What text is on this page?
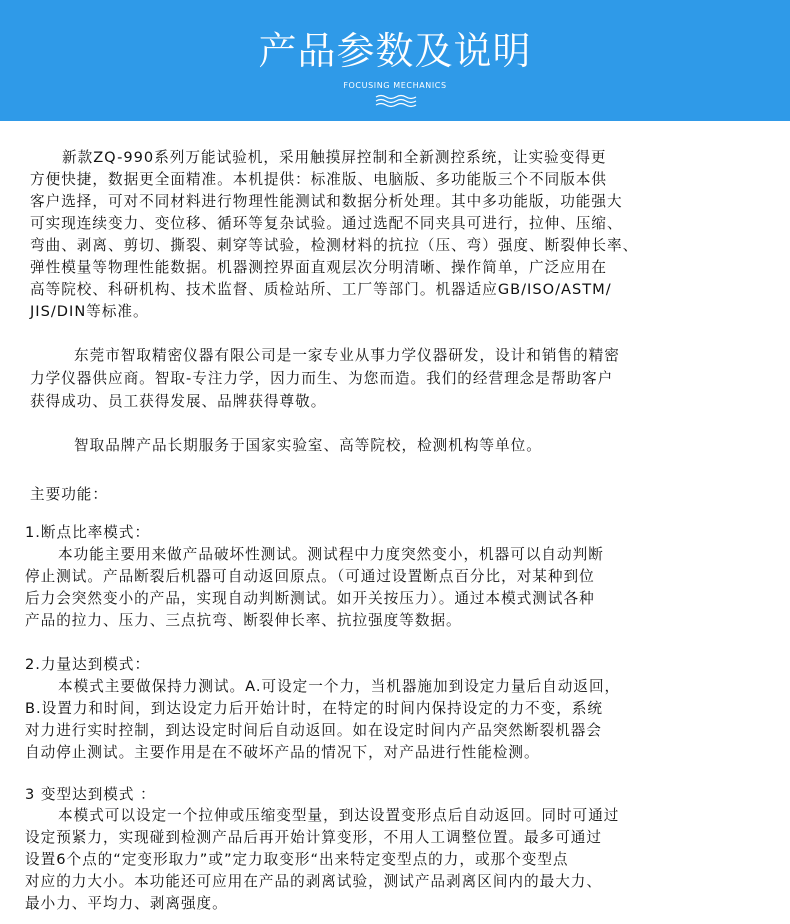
产品参数及说明
FOCUSING MECHANICS

新款ZQ-990系列万能试验机，采用触摸屏控制和全新测控系统，让实验变得更

方便快捷，数据更全面精准。本机提供：标准版、电脑版、多功能版三个不同版本供

客户选择，可对不同材料进行物理性能测试和数据分析处理。其中多功能版，功能强大

可实现连续变力、变位移、循环等复杂试验。通过选配不同夹具可进行，拉伸、压缩、

弯曲、剥离、剪切、撕裂、刺穿等试验，检测材料的抗拉（压、弯）强度、断裂伸长率、

弹性模量等物理性能数据。机器测控界面直观层次分明清晰、操作简单，广泛应用在

高等院校、科研机构、技术监督、质检站所、工厂等部门。机器适应GB/ISO/ASTM/

JIS/DIN等标准。

东莞市智取精密仪器有限公司是一家专业从事力学仪器研发，设计和销售的精密

力学仪器供应商。智取-专注力学，因力而生、为您而造。我们的经营理念是帮助客户

获得成功、员工获得发展、品牌获得尊敬。

智取品牌产品长期服务于国家实验室、高等院校，检测机构等单位。

主要功能：

1.断点比率模式：

本功能主要用来做产品破坏性测试。测试程中力度突然变小，机器可以自动判断

停止测试。产品断裂后机器可自动返回原点。（可通过设置断点百分比，对某种到位

后力会突然变小的产品，实现自动判断测试。如开关按压力）。通过本模式测试各种

产品的拉力、压力、三点抗弯、断裂伸长率、抗拉强度等数据。

2.力量达到模式：

本模式主要做保持力测试。A.可设定一个力，当机器施加到设定力量后自动返回，

B.设置力和时间，到达设定力后开始计时，在特定的时间内保持设定的力不变，系统

对力进行实时控制，到达设定时间后自动返回。如在设定时间内产品突然断裂机器会

自动停止测试。主要作用是在不破坏产品的情况下，对产品进行性能检测。

3 变型达到模式 ：

本模式可以设定一个拉伸或压缩变型量，到达设置变形点后自动返回。同时可通过

设定预紧力，实现碰到检测产品后再开始计算变形，不用人工调整位置。最多可通过

设置6个点的“定变形取力”或”定力取变形“出来特定变型点的力，或那个变型点

对应的力大小。本功能还可应用在产品的剥离试验，测试产品剥离区间内的最大力、

最小力、平均力、剥离强度。
